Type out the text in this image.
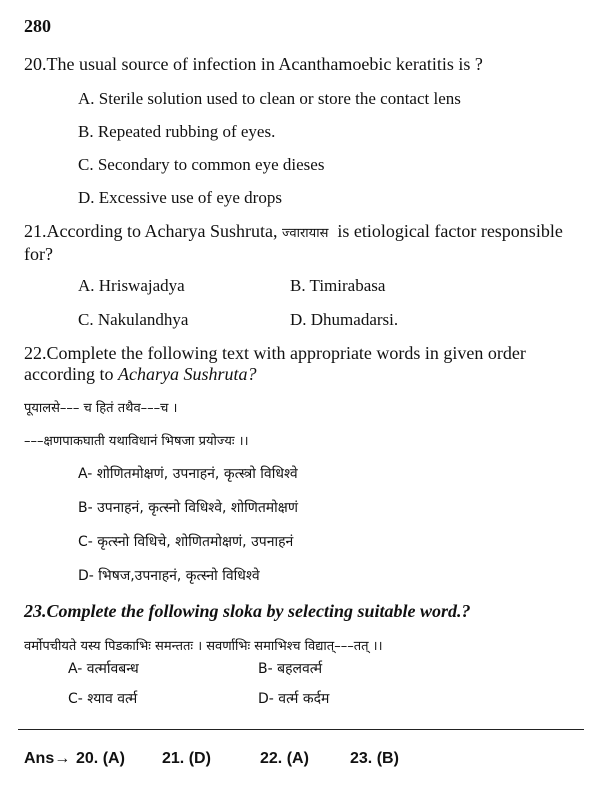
280
20.The usual source of infection in Acanthamoebic keratitis is ?
A. Sterile solution used to clean or store the contact lens
B. Repeated rubbing of eyes.
C. Secondary to common eye dieses
D. Excessive use of eye drops
21.According to Acharya Sushruta, ज्वारायास is etiological factor responsible for?
A. Hriswajadya	B. Timirabasa
C. Nakulandhya	D. Dhumadarsi.
22.Complete the following text with appropriate words in given order
according to Acharya Sushruta?
पूयालसे––– च हितं तथैव–––च ।
–––क्षणपाकघाती यथाविधानं भिषजा प्रयोज्यः ।।
A- शोणितमोक्षणं, उपनाहनं, कृत्स्त्रो विधिश्वे
B- उपनाहनं, कृत्स्नो विधिश्वे, शोणितमोक्षणं
C- कृत्स्नो विधिचे, शोणितमोक्षणं, उपनाहनं
D- भिषज,उपनाहनं, कृत्स्नो विधिश्वे
23.Complete the following sloka by selecting suitable word.?
वर्मोपचीयते यस्य पिडकाभिः समन्ततः । सवर्णाभिः समाभिश्च विद्यात्–––तत् ।।
A- वर्त्मावबन्ध	B- बहलवर्त्म
C- श्याव वर्त्म	D- वर्त्म कर्दम
Ans→ 20. (A) 21. (D)	22. (A)	23. (B)
